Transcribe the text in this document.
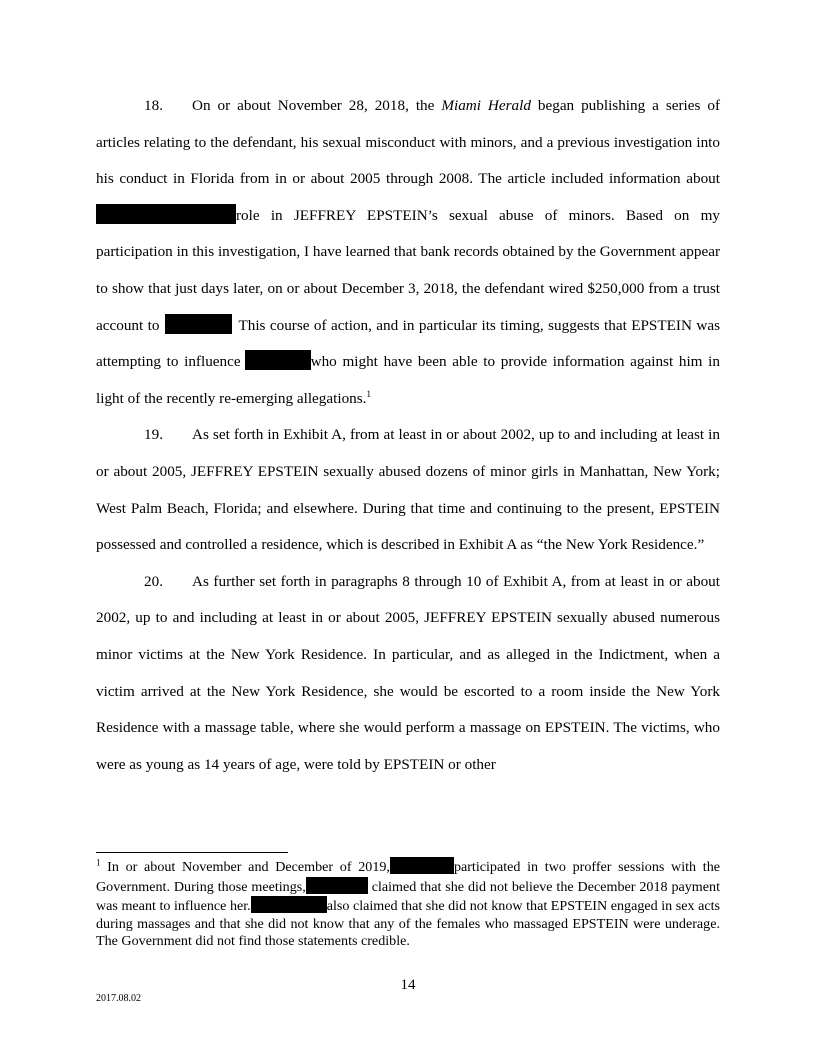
18. On or about November 28, 2018, the Miami Herald began publishing a series of articles relating to the defendant, his sexual misconduct with minors, and a previous investigation into his conduct in Florida from in or about 2005 through 2008. The article included information aboutrole in JEFFREY EPSTEIN’s sexual abuse of minors. Based on my participation in this investigation, I have learned that bank records obtained by the Government appear to show that just days later, on or about December 3, 2018, the defendant wired $250,000 from a trust account to	This course of action, and in particular its timing, suggests that EPSTEIN was attempting to influence	who might have been able to provide information against him in light of the recently re-emerging allegations.$^1$

19. As set forth in Exhibit A, from at least in or about 2002, up to and including at least in or about 2005, JEFFREY EPSTEIN sexually abused dozens of minor girls in Manhattan, New York; West Palm Beach, Florida; and elsewhere. During that time and continuing to the present, EPSTEIN possessed and controlled a residence, which is described in Exhibit A as “the New York Residence.”

20. As further set forth in paragraphs 8 through 10 of Exhibit A, from at least in or about 2002, up to and including at least in or about 2005, JEFFREY EPSTEIN sexually abused numerous minor victims at the New York Residence. In particular, and as alleged in the Indictment, when a victim arrived at the New York Residence, she would be escorted to a room inside the New York Residence with a massage table, where she would perform a massage on EPSTEIN. The victims, who were as young as 14 years of age, were told by EPSTEIN or other

$^1$ In or about November and December of 2019,	participated in two proffer sessions with the Government. During those meetings,	claimed that she did not believe the December 2018 payment was meant to influence her.	also claimed that she did not know that EPSTEIN engaged in sex acts during massages and that she did not know that any of the females who massaged EPSTEIN were underage. The Government did not find those statements credible.
14
2017.08.02
